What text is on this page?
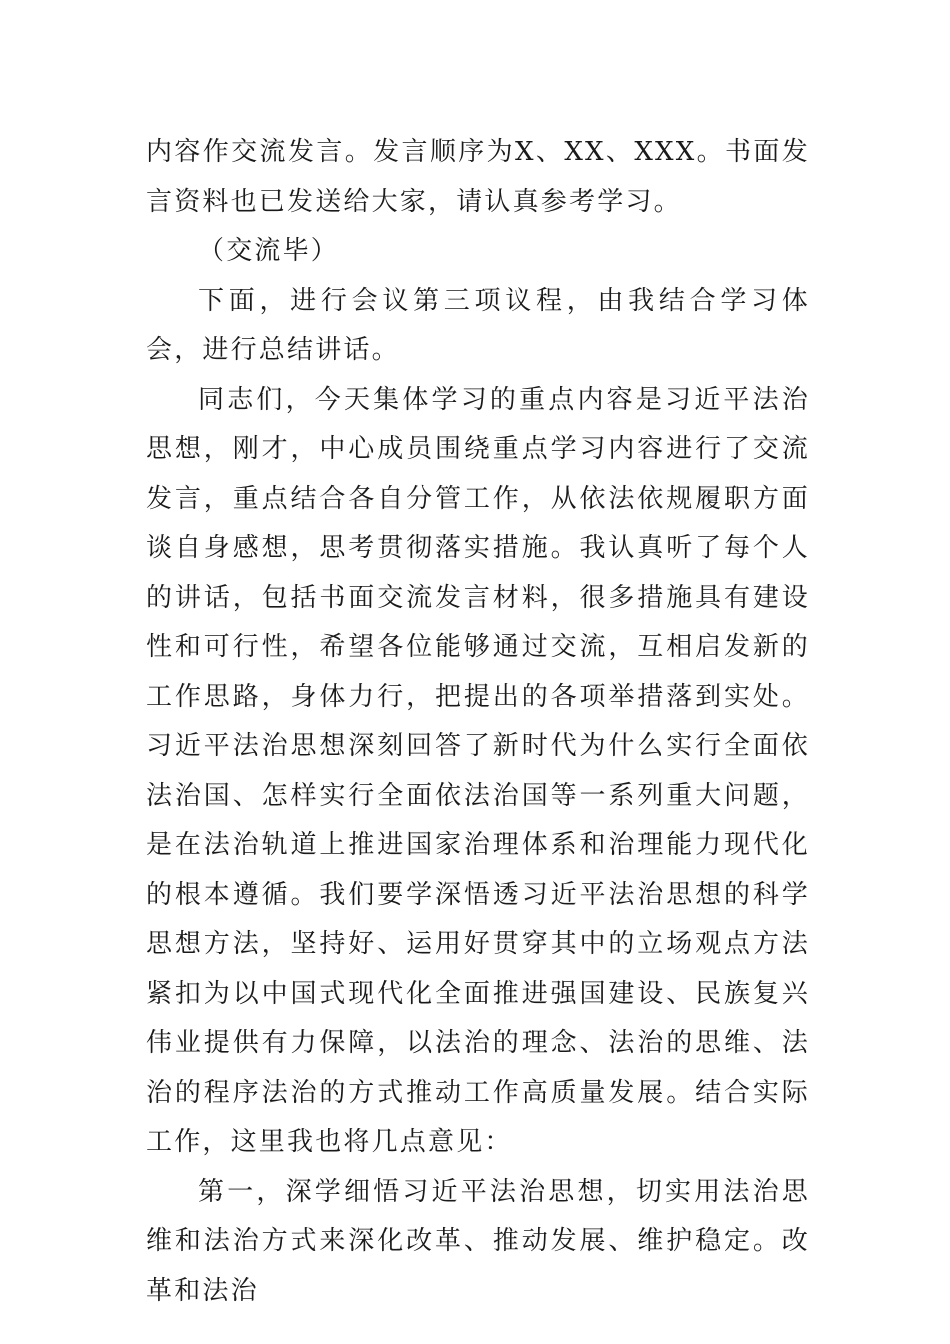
内容作交流发言。发言顺序为X、XX、XXX。书面发言资料也已发送给大家，请认真参考学习。

（交流毕）

下面，进行会议第三项议程，由我结合学习体会，进行总结讲话。

同志们，今天集体学习的重点内容是习近平法治思想，刚才，中心成员围绕重点学习内容进行了交流发言，重点结合各自分管工作，从依法依规履职方面谈自身感想，思考贯彻落实措施。我认真听了每个人的讲话，包括书面交流发言材料，很多措施具有建设性和可行性，希望各位能够通过交流，互相启发新的工作思路，身体力行，把提出的各项举措落到实处。习近平法治思想深刻回答了新时代为什么实行全面依法治国、怎样实行全面依法治国等一系列重大问题，是在法治轨道上推进国家治理体系和治理能力现代化的根本遵循。我们要学深悟透习近平法治思想的科学思想方法，坚持好、运用好贯穿其中的立场观点方法紧扣为以中国式现代化全面推进强国建设、民族复兴伟业提供有力保障，以法治的理念、法治的思维、法治的程序法治的方式推动工作高质量发展。结合实际工作，这里我也将几点意见：

第一，深学细悟习近平法治思想，切实用法治思维和法治方式来深化改革、推动发展、维护稳定。改革和法治
